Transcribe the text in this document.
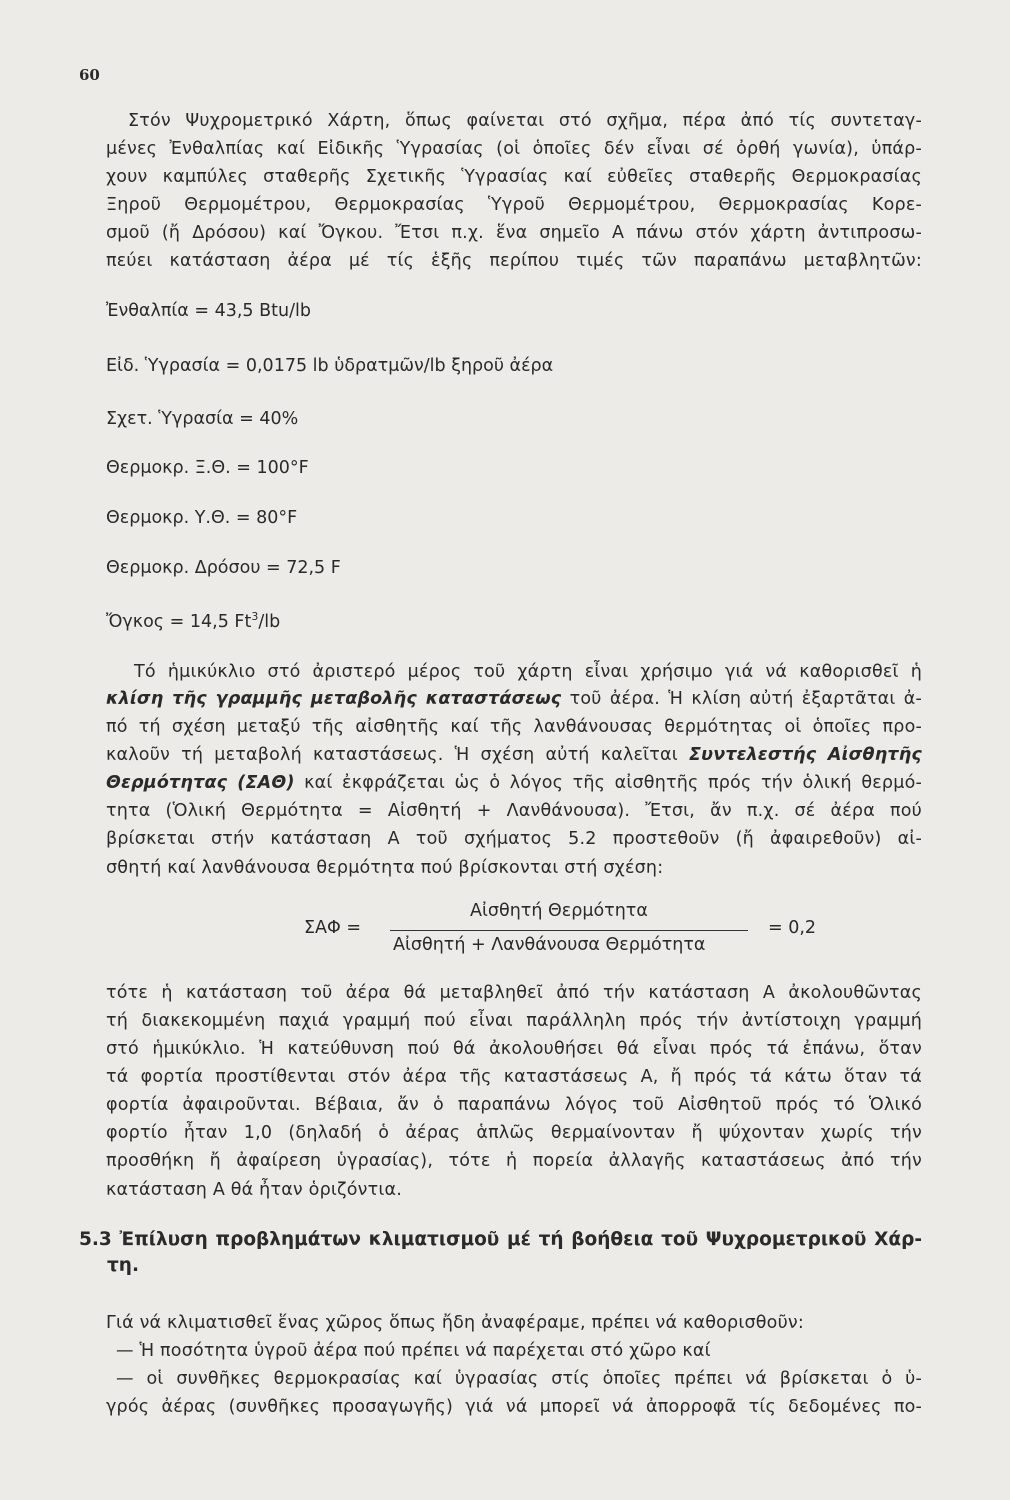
60
Στόν Ψυχρομετρικό Χάρτη, ὅπως φαίνεται στό σχῆμα, πέρα ἀπό τίς συντεταγ-
μένες Ἐνθαλπίας καί Εἰδικῆς Ὑγρασίας (οἱ ὁποῖες δέν εἶναι σέ ὀρθή γωνία), ὑπάρ-
χουν καμπύλες σταθερῆς Σχετικῆς Ὑγρασίας καί εὐθεῖες σταθερῆς Θερμοκρασίας
Ξηροῦ Θερμομέτρου, Θερμοκρασίας Ὑγροῦ Θερμομέτρου, Θερμοκρασίας Κορε-
σμοῦ (ἤ Δρόσου) καί Ὄγκου. Ἔτσι π.χ. ἕνα σημεῖο Α πάνω στόν χάρτη ἀντιπροσω-
πεύει κατάσταση ἀέρα μέ τίς ἑξῆς περίπου τιμές τῶν παραπάνω μεταβλητῶν:
Ἐνθαλπία = 43,5 Btu/lb
Εἰδ. Ὑγρασία = 0,0175 lb ὑδρατμῶν/lb ξηροῦ ἀέρα
Σχετ. Ὑγρασία = 40%
Θερμοκρ. Ξ.Θ. = 100°F
Θερμοκρ. Υ.Θ. = 80°F
Θερμοκρ. Δρόσου = 72,5 F
Ὄγκος = 14,5 Ft$^3$/lb
Τό ἡμικύκλιο στό ἀριστερό μέρος τοῦ χάρτη εἶναι χρήσιμο γιά νά καθορισθεῖ ἡ
κλίση τῆς γραμμῆς μεταβολῆς καταστάσεως τοῦ ἀέρα. Ἡ κλίση αὐτή ἐξαρτᾶται ἀ-
πό τή σχέση μεταξύ τῆς αἰσθητῆς καί τῆς λανθάνουσας θερμότητας οἱ ὁποῖες προ-
καλοῦν τή μεταβολή καταστάσεως. Ἡ σχέση αὐτή καλεῖται Συντελεστής Αἰσθητῆς
Θερμότητας (ΣΑΘ) καί ἐκφράζεται ὡς ὁ λόγος τῆς αἰσθητῆς πρός τήν ὁλική θερμό-
τητα (Ὁλική Θερμότητα = Αἰσθητή + Λανθάνουσα). Ἔτσι, ἄν π.χ. σέ ἀέρα πού
βρίσκεται στήν κατάσταση Α τοῦ σχήματος 5.2 προστεθοῦν (ἤ ἀφαιρεθοῦν) αἰ-
σθητή καί λανθάνουσα θερμότητα πού βρίσκονται στή σχέση:
ΣΑΦ =
Αἰσθητή Θερμότητα
Αἰσθητή + Λανθάνουσα Θερμότητα
= 0,2
τότε ἡ κατάσταση τοῦ ἀέρα θά μεταβληθεῖ ἀπό τήν κατάσταση Α ἀκολουθῶντας
τή διακεκομμένη παχιά γραμμή πού εἶναι παράλληλη πρός τήν ἀντίστοιχη γραμμή
στό ἡμικύκλιο. Ἡ κατεύθυνση πού θά ἀκολουθήσει θά εἶναι πρός τά ἐπάνω, ὅταν
τά φορτία προστίθενται στόν ἀέρα τῆς καταστάσεως Α, ἤ πρός τά κάτω ὅταν τά
φορτία ἀφαιροῦνται. Βέβαια, ἄν ὁ παραπάνω λόγος τοῦ Αἰσθητοῦ πρός τό Ὁλικό
φορτίο ἦταν 1,0 (δηλαδή ὁ ἀέρας ἁπλῶς θερμαίνονταν ἤ ψύχονταν χωρίς τήν
προσθήκη ἤ ἀφαίρεση ὑγρασίας), τότε ἡ πορεία ἀλλαγῆς καταστάσεως ἀπό τήν
κατάσταση Α θά ἦταν ὁριζόντια.
5.3 Ἐπίλυση προβλημάτων κλιματισμοῦ μέ τή βοήθεια τοῦ Ψυχρομετρικοῦ Χάρ-
τη.
Γιά νά κλιματισθεῖ ἕνας χῶρος ὅπως ἤδη ἀναφέραμε, πρέπει νά καθορισθοῦν:
— Ἡ ποσότητα ὑγροῦ ἀέρα πού πρέπει νά παρέχεται στό χῶρο καί
— οἱ συνθῆκες θερμοκρασίας καί ὑγρασίας στίς ὁποῖες πρέπει νά βρίσκεται ὁ ὑ-
γρός ἀέρας (συνθῆκες προσαγωγῆς) γιά νά μπορεῖ νά ἀπορροφᾶ τίς δεδομένες πο-
